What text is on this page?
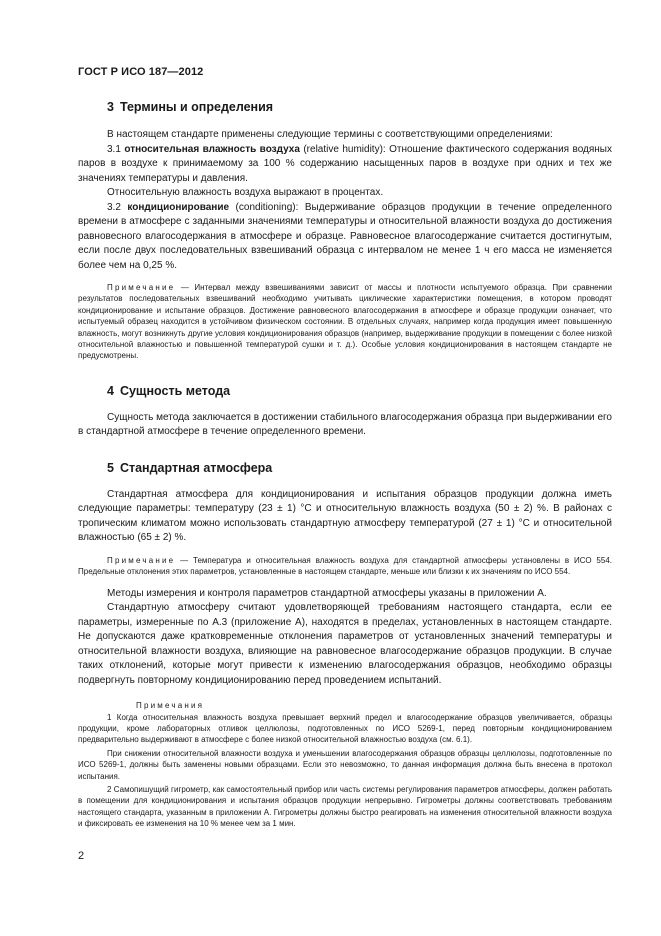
ГОСТ Р ИСО 187—2012
3 Термины и определения

В настоящем стандарте применены следующие термины с соответствующими определениями:

3.1 относительная влажность воздуха (relative humidity): Отношение фактического содержания водяных паров в воздухе к принимаемому за 100 % содержанию насыщенных паров в воздухе при одних и тех же значениях температуры и давления.

Относительную влажность воздуха выражают в процентах.

3.2 кондиционирование (conditioning): Выдерживание образцов продукции в течение определенного времени в атмосфере с заданными значениями температуры и относительной влажности воздуха до достижения равновесного влагосодержания в атмосфере и образце. Равновесное влагосодержание считается достигнутым, если после двух последовательных взвешиваний образца с интервалом не менее 1 ч его масса не изменяется более чем на 0,25 %.

Примечание — Интервал между взвешиваниями зависит от массы и плотности испытуемого образца. При сравнении результатов последовательных взвешиваний необходимо учитывать циклические характеристики помещения, в котором проводят кондиционирование и испытание образцов. Достижение равновесного влагосодержания в атмосфере и образце продукции означает, что испытуемый образец находится в устойчивом физическом состоянии. В отдельных случаях, например когда продукция имеет повышенную влажность, могут возникнуть другие условия кондиционирования образцов (например, выдерживание продукции в помещении с более низкой относительной влажностью и повышенной температурой сушки и т. д.). Особые условия кондиционирования в настоящем стандарте не предусмотрены.

4 Сущность метода

Сущность метода заключается в достижении стабильного влагосодержания образца при выдерживании его в стандартной атмосфере в течение определенного времени.

5 Стандартная атмосфера

Стандартная атмосфера для кондиционирования и испытания образцов продукции должна иметь следующие параметры: температуру (23 ± 1) °С и относительную влажность воздуха (50 ± 2) %. В районах с тропическим климатом можно использовать стандартную атмосферу температурой (27 ± 1) °С и относительной влажностью (65 ± 2) %.

Примечание — Температура и относительная влажность воздуха для стандартной атмосферы установлены в ИСО 554. Предельные отклонения этих параметров, установленные в настоящем стандарте, меньше или близки к их значениям по ИСО 554.

Методы измерения и контроля параметров стандартной атмосферы указаны в приложении А.

Стандартную атмосферу считают удовлетворяющей требованиям настоящего стандарта, если ее параметры, измеренные по А.3 (приложение А), находятся в пределах, установленных в настоящем стандарте. Не допускаются даже кратковременные отклонения параметров от установленных значений температуры и относительной влажности воздуха, влияющие на равновесное влагосодержание образцов продукции. В случае таких отклонений, которые могут привести к изменению влагосодержания образцов, необходимо образцы подвергнуть повторному кондиционированию перед проведением испытаний.

Примечания

1 Когда относительная влажность воздуха превышает верхний предел и влагосодержание образцов увеличивается, образцы продукции, кроме лабораторных отливок целлюлозы, подготовленных по ИСО 5269-1, перед повторным кондиционированием предварительно выдерживают в атмосфере с более низкой относительной влажностью воздуха (см. 6.1).

При снижении относительной влажности воздуха и уменьшении влагосодержания образцов образцы целлюлозы, подготовленные по ИСО 5269-1, должны быть заменены новыми образцами. Если это невозможно, то данная информация должна быть внесена в протокол испытания.

2 Самопишущий гигрометр, как самостоятельный прибор или часть системы регулирования параметров атмосферы, должен работать в помещении для кондиционирования и испытания образцов продукции непрерывно. Гигрометры должны соответствовать требованиям настоящего стандарта, указанным в приложении А. Гигрометры должны быстро реагировать на изменения относительной влажности воздуха и фиксировать ее изменения на 10 % менее чем за 1 мин.

2
